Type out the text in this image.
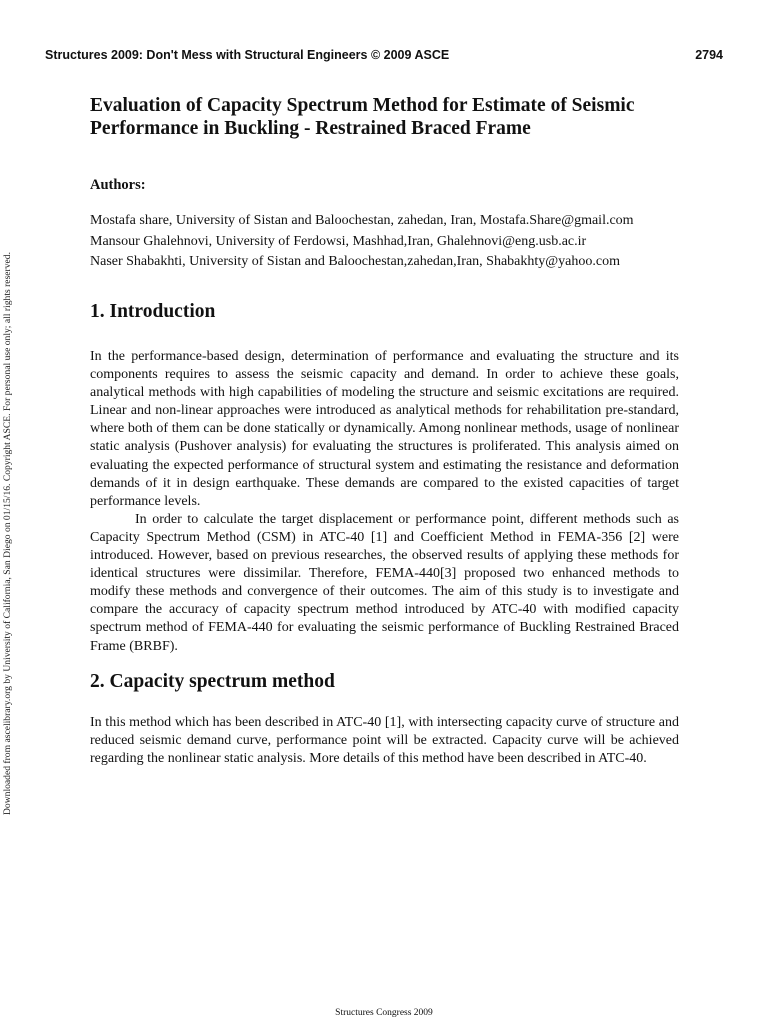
Structures 2009: Don't Mess with Structural Engineers © 2009 ASCE	2794
Downloaded from ascelibrary.org by University of California, San Diego on 01/15/16. Copyright ASCE. For personal use only; all rights reserved.
Evaluation of Capacity Spectrum Method for Estimate of Seismic Performance in Buckling - Restrained Braced Frame
Authors:
Mostafa share, University of Sistan and Baloochestan, zahedan, Iran, Mostafa.Share@gmail.com
Mansour Ghalehnovi, University of Ferdowsi, Mashhad,Iran, Ghalehnovi@eng.usb.ac.ir
Naser Shabakhti, University of Sistan and Baloochestan,zahedan,Iran, Shabakhty@yahoo.com
1. Introduction

In the performance-based design, determination of performance and evaluating the structure and its components requires to assess the seismic capacity and demand. In order to achieve these goals, analytical methods with high capabilities of modeling the structure and seismic excitations are required. Linear and non-linear approaches were introduced as analytical methods for rehabilitation pre-standard, where both of them can be done statically or dynamically. Among nonlinear methods, usage of nonlinear static analysis (Pushover analysis) for evaluating the structures is proliferated. This analysis aimed on evaluating the expected performance of structural system and estimating the resistance and deformation demands of it in design earthquake. These demands are compared to the existed capacities of target performance levels.

In order to calculate the target displacement or performance point, different methods such as Capacity Spectrum Method (CSM) in ATC-40 [1] and Coefficient Method in FEMA-356 [2] were introduced. However, based on previous researches, the observed results of applying these methods for identical structures were dissimilar. Therefore, FEMA-440[3] proposed two enhanced methods to modify these methods and convergence of their outcomes. The aim of this study is to investigate and compare the accuracy of capacity spectrum method introduced by ATC-40 with modified capacity spectrum method of FEMA-440 for evaluating the seismic performance of Buckling Restrained Braced Frame (BRBF).

2. Capacity spectrum method

In this method which has been described in ATC-40 [1], with intersecting capacity curve of structure and reduced seismic demand curve, performance point will be extracted. Capacity curve will be achieved regarding the nonlinear static analysis. More details of this method have been described in ATC-40.

Structures Congress 2009
